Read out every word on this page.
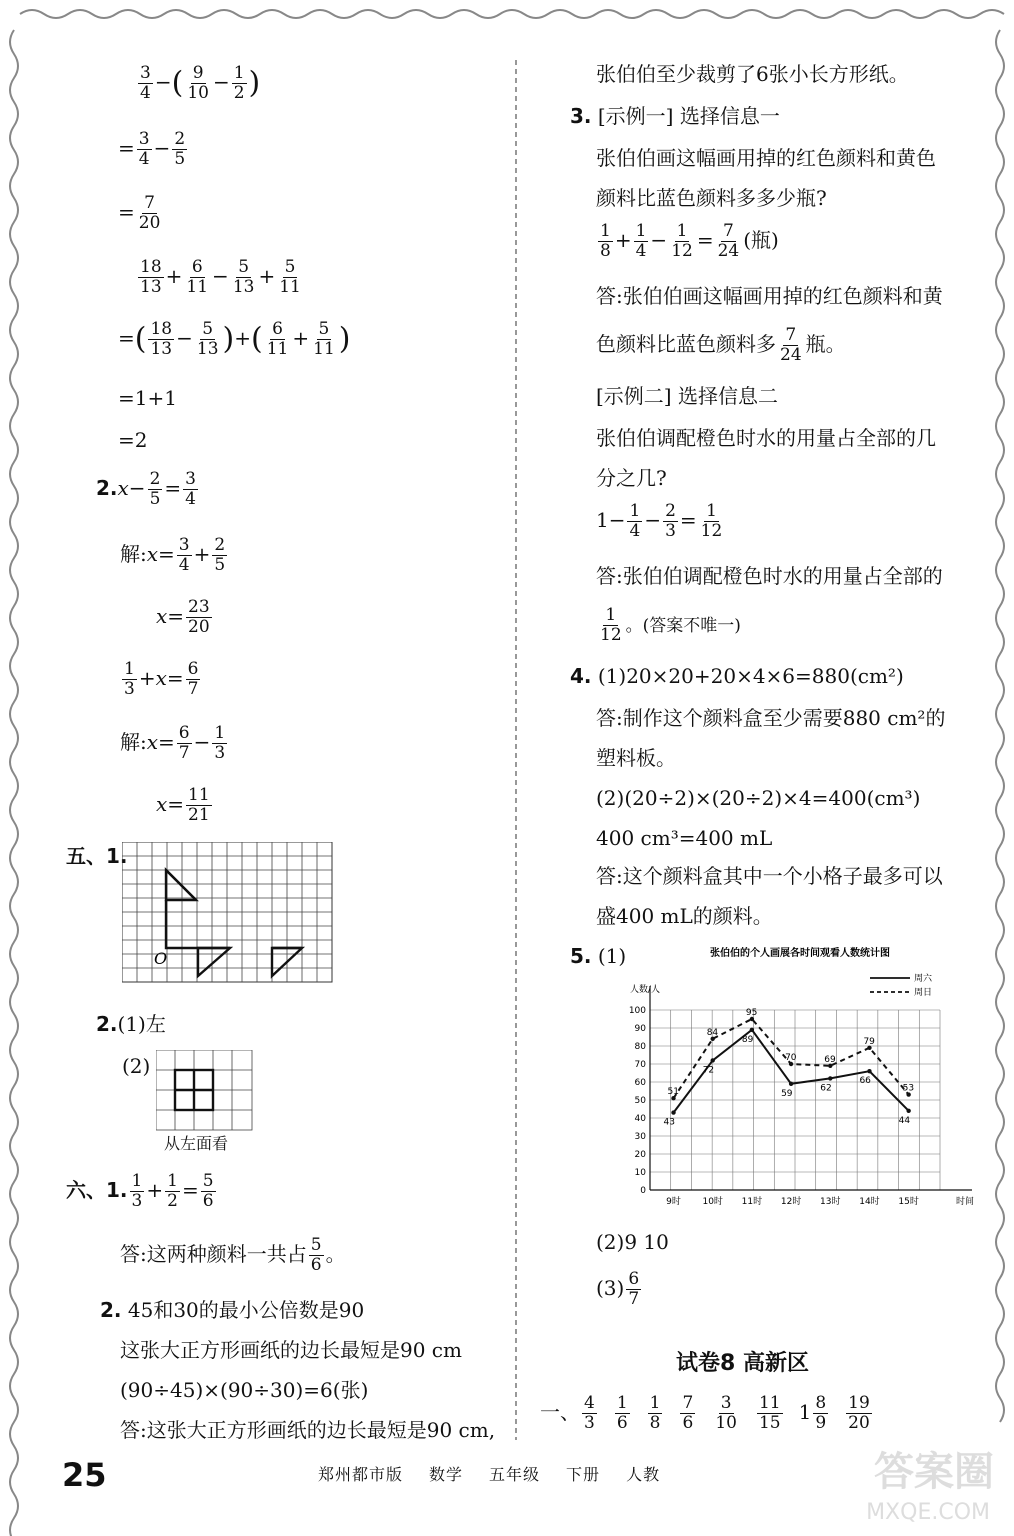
$\frac{3}{4}$ −( $\frac{9}{10} - \frac{1}{2}$ )
= $\frac{3}{4} - \frac{2}{5}$
= $\frac{7}{20}$
$\frac{18}{13} + \frac{6}{11} - \frac{5}{13} + \frac{5}{11}$
=( $\frac{18}{13} - \frac{5}{13}$ )+( $\frac{6}{11} + \frac{5}{11}$ )
=1+1
=2
$2.x- \frac{2}{5} = \frac{3}{4}$
解:x= $\frac{3}{4} + \frac{2}{5}$
$x= \frac{23}{20}$
$\frac{1}{3} +x= \frac{6}{7}$
解:x= $\frac{6}{7} - \frac{1}{3}$
$x= \frac{11}{21}$
五、1.
O
2.(1)左
(2)
从左面看
六、1. $\frac{1}{3} + \frac{1}{2} = \frac{5}{6}$
答:这两种颜料一共占 $\frac{5}{6}$ 。
2. 45和30的最小公倍数是90
这张大正方形画纸的边长最短是90 cm
(90÷45)×(90÷30)=6(张)
答:这张大正方形画纸的边长最短是90 cm,
张伯伯至少裁剪了6张小长方形纸。
3. [示例一] 选择信息一
张伯伯画这幅画用掉的红色颜料和黄色
颜料比蓝色颜料多多少瓶?
$\frac{1}{8} + \frac{1}{4} - \frac{1}{12} = \frac{7}{24}$ (瓶)
答:张伯伯画这幅画用掉的红色颜料和黄
色颜料比蓝色颜料多 $\frac{7}{24}$ 瓶。
[示例二] 选择信息二
张伯伯调配橙色时水的用量占全部的几
分之几?
$1- \frac{1}{4} - \frac{2}{3} = \frac{1}{12}$
答:张伯伯调配橙色时水的用量占全部的
$\frac{1}{12}$ 。(答案不唯一)
4. (1)20×20+20×4×6=880(cm²)
答:制作这个颜料盒至少需要880 cm²的
塑料板。
(2)(20÷2)×(20÷2)×4=400(cm³)
400 cm³=400 mL
答:这个颜料盒其中一个小格子最多可以
盛400 mL的颜料。
5. (1)	张伯伯的个人画展各时间观看人数统计图
人数/人
0
10
20
30
40
50
60
70
80
90
100
9时 10时 11时 12时 13时 14时 15时	时间
周六
周日
43
72
89
59
62
66
44
51
84
95
70	69
79
53
(2)9 10
$(3) \frac{6}{7}$
试卷8 高新区
一、 $\frac{4}{3} \frac{1}{6} \frac{1}{8} \frac{7}{6} \frac{3}{10} \frac{11}{15} 1 \frac{8}{9} \frac{19}{20}$
25	郑州都市版 数学 五年级 下册 人教	答案圈
MXQE.COM
